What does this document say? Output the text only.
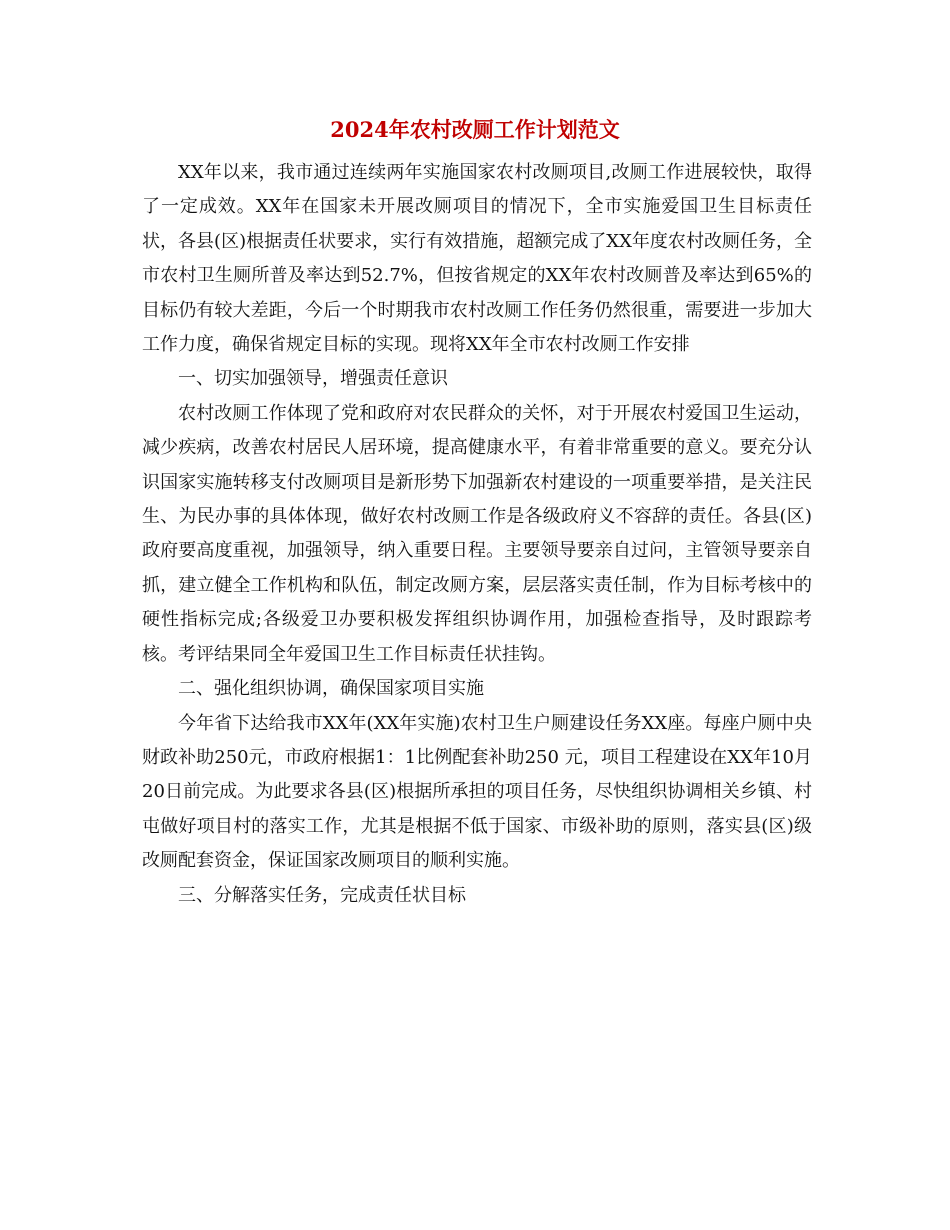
2024年农村改厕工作计划范文

XX年以来，我市通过连续两年实施国家农村改厕项目,改厕工作进展较快，取得了一定成效。XX年在国家未开展改厕项目的情况下，全市实施爱国卫生目标责任状，各县(区)根据责任状要求，实行有效措施，超额完成了XX年度农村改厕任务，全市农村卫生厕所普及率达到52.7%，但按省规定的XX年农村改厕普及率达到65%的目标仍有较大差距，今后一个时期我市农村改厕工作任务仍然很重，需要进一步加大工作力度，确保省规定目标的实现。现将XX年全市农村改厕工作安排

一、切实加强领导，增强责任意识

农村改厕工作体现了党和政府对农民群众的关怀，对于开展农村爱国卫生运动，减少疾病，改善农村居民人居环境，提高健康水平，有着非常重要的意义。要充分认识国家实施转移支付改厕项目是新形势下加强新农村建设的一项重要举措，是关注民生、为民办事的具体体现，做好农村改厕工作是各级政府义不容辞的责任。各县(区)政府要高度重视，加强领导，纳入重要日程。主要领导要亲自过问，主管领导要亲自抓，建立健全工作机构和队伍，制定改厕方案，层层落实责任制，作为目标考核中的硬性指标完成;各级爱卫办要积极发挥组织协调作用，加强检查指导，及时跟踪考核。考评结果同全年爱国卫生工作目标责任状挂钩。

二、强化组织协调，确保国家项目实施

今年省下达给我市XX年(XX年实施)农村卫生户厕建设任务XX座。每座户厕中央财政补助250元，市政府根据1：1比例配套补助250 元，项目工程建设在XX年10月20日前完成。为此要求各县(区)根据所承担的项目任务，尽快组织协调相关乡镇、村屯做好项目村的落实工作，尤其是根据不低于国家、市级补助的原则，落实县(区)级改厕配套资金，保证国家改厕项目的顺利实施。

三、分解落实任务，完成责任状目标
